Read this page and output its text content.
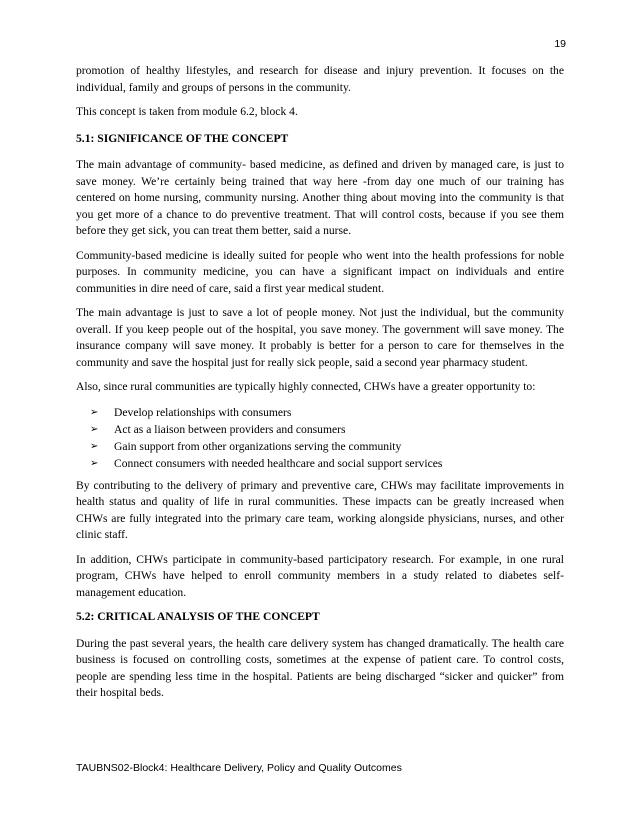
19

promotion of healthy lifestyles, and research for disease and injury prevention. It focuses on the individual, family and groups of persons in the community.

This concept is taken from module 6.2, block 4.

5.1: SIGNIFICANCE OF THE CONCEPT

The main advantage of community- based medicine, as defined and driven by managed care, is just to save money. We’re certainly being trained that way here -from day one much of our training has centered on home nursing, community nursing. Another thing about moving into the community is that you get more of a chance to do preventive treatment. That will control costs, because if you see them before they get sick, you can treat them better, said a nurse.

Community-based medicine is ideally suited for people who went into the health professions for noble purposes. In community medicine, you can have a significant impact on individuals and entire communities in dire need of care, said a first year medical student.

The main advantage is just to save a lot of people money. Not just the individual, but the community overall. If you keep people out of the hospital, you save money. The government will save money. The insurance company will save money. It probably is better for a person to care for themselves in the community and save the hospital just for really sick people, said a second year pharmacy student.

Also, since rural communities are typically highly connected, CHWs have a greater opportunity to:

➢ Develop relationships with consumers
➢ Act as a liaison between providers and consumers
➢ Gain support from other organizations serving the community
➢ Connect consumers with needed healthcare and social support services

By contributing to the delivery of primary and preventive care, CHWs may facilitate improvements in health status and quality of life in rural communities. These impacts can be greatly increased when CHWs are fully integrated into the primary care team, working alongside physicians, nurses, and other clinic staff.

In addition, CHWs participate in community-based participatory research. For example, in one rural program, CHWs have helped to enroll community members in a study related to diabetes self-management education.

5.2: CRITICAL ANALYSIS OF THE CONCEPT

During the past several years, the health care delivery system has changed dramatically. The health care business is focused on controlling costs, sometimes at the expense of patient care. To control costs, people are spending less time in the hospital. Patients are being discharged “sicker and quicker” from their hospital beds.

TAUBNS02-Block4: Healthcare Delivery, Policy and Quality Outcomes
